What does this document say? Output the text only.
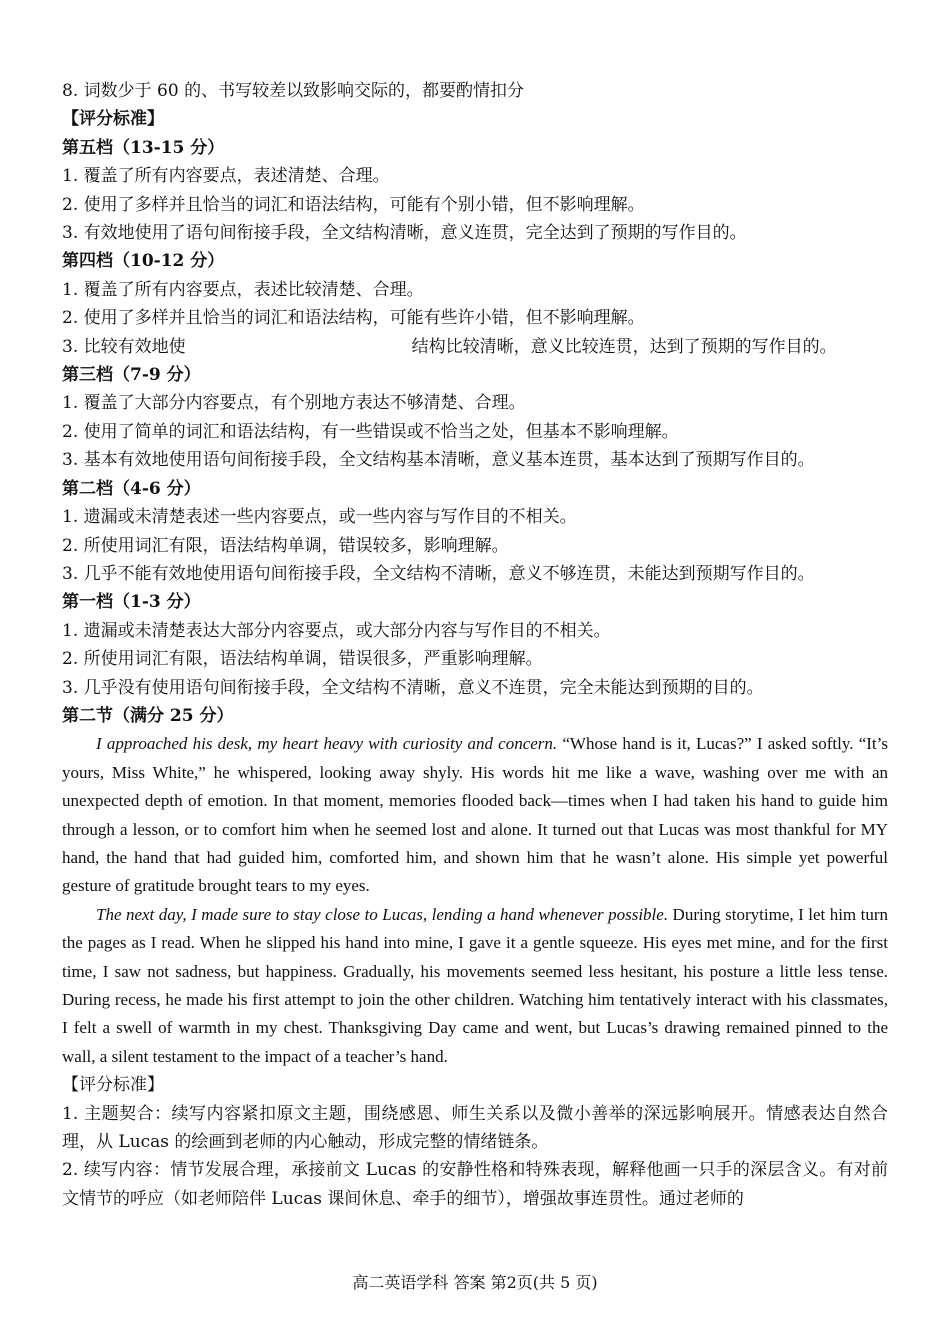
8. 词数少于 60 的、书写较差以致影响交际的，都要酌情扣分
【评分标准】
第五档（13-15 分）
1. 覆盖了所有内容要点，表述清楚、合理。
2. 使用了多样并且恰当的词汇和语法结构，可能有个别小错，但不影响理解。
3. 有效地使用了语句间衔接手段，全文结构清晰，意义连贯，完全达到了预期的写作目的。
第四档（10-12 分）
1. 覆盖了所有内容要点，表述比较清楚、合理。
2. 使用了多样并且恰当的词汇和语法结构，可能有些许小错，但不影响理解。
3. 比较有效地使	结构比较清晰，意义比较连贯，达到了预期的写作目的。
第三档（7-9 分）
1. 覆盖了大部分内容要点，有个别地方表达不够清楚、合理。
2. 使用了简单的词汇和语法结构，有一些错误或不恰当之处，但基本不影响理解。
3. 基本有效地使用语句间衔接手段，全文结构基本清晰，意义基本连贯，基本达到了预期写作目的。
第二档（4-6 分）
1. 遗漏或未清楚表述一些内容要点，或一些内容与写作目的不相关。
2. 所使用词汇有限，语法结构单调，错误较多，影响理解。
3. 几乎不能有效地使用语句间衔接手段，全文结构不清晰，意义不够连贯，未能达到预期写作目的。
第一档（1-3 分）
1. 遗漏或未清楚表达大部分内容要点，或大部分内容与写作目的不相关。
2. 所使用词汇有限，语法结构单调，错误很多，严重影响理解。
3. 几乎没有使用语句间衔接手段，全文结构不清晰，意义不连贯，完全未能达到预期的目的。
第二节（满分 25 分）
I approached his desk, my heart heavy with curiosity and concern. “Whose hand is it, Lucas?” I asked softly. “It’s yours, Miss White,” he whispered, looking away shyly. His words hit me like a wave, washing over me with an unexpected depth of emotion. In that moment, memories flooded back—times when I had taken his hand to guide him through a lesson, or to comfort him when he seemed lost and alone. It turned out that Lucas was most thankful for MY hand, the hand that had guided him, comforted him, and shown him that he wasn’t alone. His simple yet powerful gesture of gratitude brought tears to my eyes.
The next day, I made sure to stay close to Lucas, lending a hand whenever possible. During storytime, I let him turn the pages as I read. When he slipped his hand into mine, I gave it a gentle squeeze. His eyes met mine, and for the first time, I saw not sadness, but happiness. Gradually, his movements seemed less hesitant, his posture a little less tense. During recess, he made his first attempt to join the other children. Watching him tentatively interact with his classmates, I felt a swell of warmth in my chest. Thanksgiving Day came and went, but Lucas’s drawing remained pinned to the wall, a silent testament to the impact of a teacher’s hand.
【评分标准】
1. 主题契合：续写内容紧扣原文主题，围绕感恩、师生关系以及微小善举的深远影响展开。情感表达自然合理，从 Lucas 的绘画到老师的内心触动，形成完整的情绪链条。
2. 续写内容：情节发展合理，承接前文 Lucas 的安静性格和特殊表现，解释他画一只手的深层含义。有对前文情节的呼应（如老师陪伴 Lucas 课间休息、牵手的细节），增强故事连贯性。通过老师的
高二英语学科 答案 第2页(共 5 页)
